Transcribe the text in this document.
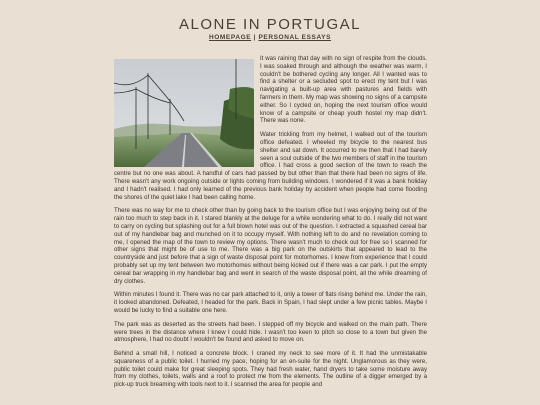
ALONE IN PORTUGAL
HOMEPAGE | PERSONAL ESSAYS

It was raining that day with no sign of respite from the clouds. I was soaked through and although the weather was warm, I couldn't be bothered cycling any longer. All I wanted was to find a shelter or a secluded spot to erect my tent but I was navigating a built-up area with pastures and fields with farmers in them. My map was showing no signs of a campsite either. So I cycled on, hoping the next tourism office would know of a campsite or cheap youth hostel my map didn't. There was none.

Water trickling from my helmet, I walked out of the tourism office defeated. I wheeled my bicycle to the nearest bus shelter and sat down. It occurred to me then that I had barely seen a soul outside of the two members of staff in the tourism office. I had cross a good section of the town to reach the centre but no one was about. A handful of cars had passed by but other than that there had been no signs of life. There wasn't any work ongoing outside or lights coming from building windows. I wondered if it was a bank holiday and I hadn't realised. I had only learned of the previous bank holiday by accident when people had come flooding the shores of the quiet lake I had been calling home.

There was no way for me to check other than by going back to the tourism office but I was enjoying being out of the rain too much to step back in it. I stared blankly at the deluge for a while wondering what to do. I really did not want to carry on cycling but splashing out for a full blown hotel was out of the question. I extracted a squashed cereal bar out of my handlebar bag and munched on it to occupy myself. With nothing left to do and no revelation coming to me, I opened the map of the town to review my options. There wasn't much to check out for free so I scanned for other signs that might be of use to me. There was a big park on the outskirts that appeared to lead to the countryside and just before that a sign of waste disposal point for motorhomes. I knew from experience that I could probably set up my tent between two motorhomes without being kicked out if there was a car park. I put the empty cereal bar wrapping in my handlebar bag and went in search of the waste disposal point, all the while dreaming of dry clothes.

Within minutes I found it. There was no car park attached to it, only a tower of flats rising behind me. Under the rain, it looked abandoned. Defeated, I headed for the park. Back in Spain, I had slept under a few picnic tables. Maybe I would be lucky to find a suitable one here.

The park was as deserted as the streets had been. I stepped off my bicycle and walked on the main path. There were trees in the distance where I knew I could hide. I wasn't too keen to pitch so close to a town but given the atmosphere, I had no doubt I wouldn't be found and asked to move on.

Behind a small hill, I noticed a concrete block. I craned my neck to see more of it. It had the unmistakable squareness of a public toilet. I hurried my pace, hoping for an en-suite for the night. Unglamorous as they were, public toilet could make for great sleeping spots. They had fresh water, hand dryers to take some moisture away from my clothes, toilets, walls and a roof to protect me from the elements. The outline of a digger emerged by a pick-up truck breaming with tools next to it. I scanned the area for people and
